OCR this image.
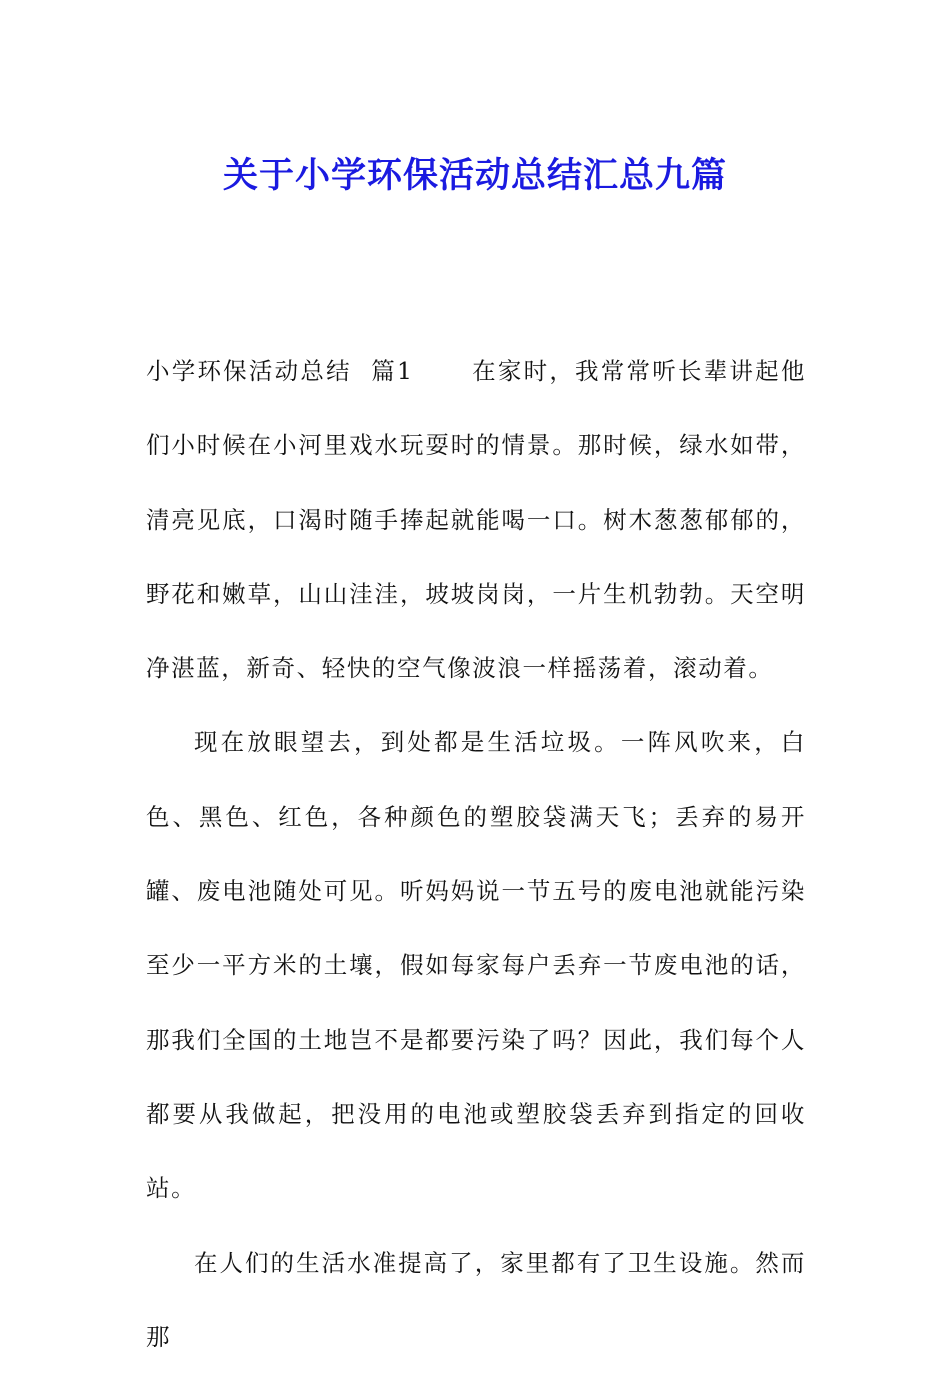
关于小学环保活动总结汇总九篇

小学环保活动总结  篇1 在家时，我常常听长辈讲起他们小时候在小河里戏水玩耍时的情景。那时候，绿水如带，清亮见底，口渴时随手捧起就能喝一口。树木葱葱郁郁的，野花和嫩草，山山洼洼，坡坡岗岗，一片生机勃勃。天空明净湛蓝，新奇、轻快的空气像波浪一样摇荡着，滚动着。

现在放眼望去，到处都是生活垃圾。一阵风吹来，白色、黑色、红色，各种颜色的塑胶袋满天飞；丢弃的易开罐、废电池随处可见。听妈妈说一节五号的废电池就能污染至少一平方米的土壤，假如每家每户丢弃一节废电池的话，那我们全国的土地岂不是都要污染了吗？因此，我们每个人都要从我做起，把没用的电池或塑胶袋丢弃到指定的回收 站。

在人们的生活水准提高了，家里都有了卫生设施。然而那
